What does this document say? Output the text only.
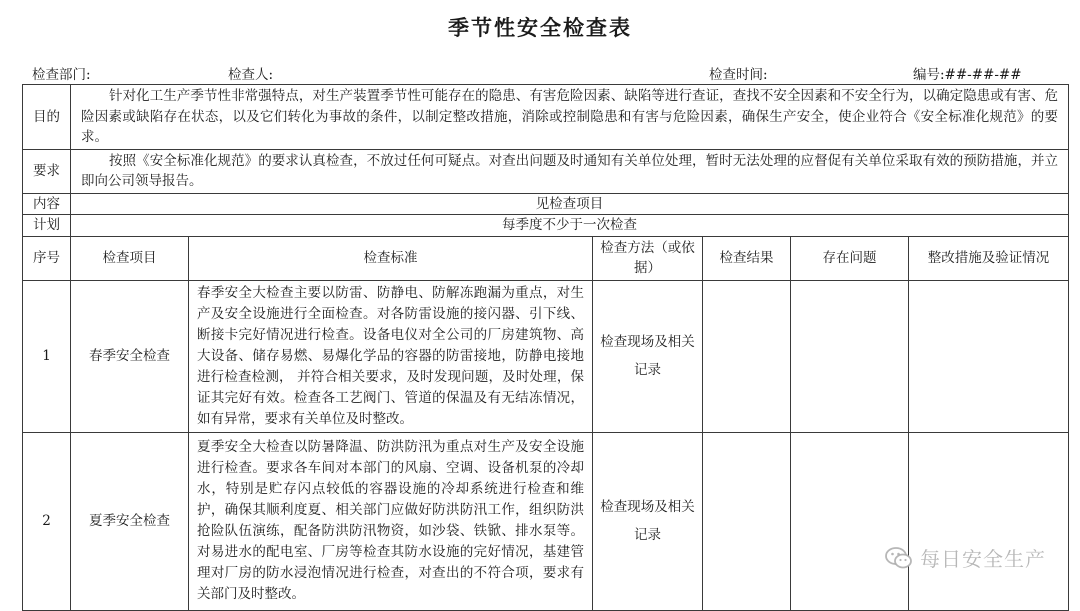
季节性安全检查表
检查部门:	检查人:	检查时间:	编号:##-##-##
目的	针对化工生产季节性非常强特点，对生产装置季节性可能存在的隐患、有害危险因素、缺陷等进行查证，查找不安全因素和不安全行为，以确定隐患或有害、危险因素或缺陷存在状态，以及它们转化为事故的条件，以制定整改措施，消除或控制隐患和有害与危险因素，确保生产安全，使企业符合《安全标准化规范》的要求。					
要求	按照《安全标准化规范》的要求认真检查，不放过任何可疑点。对查出问题及时通知有关单位处理，暂时无法处理的应督促有关单位采取有效的预防措施，并立即向公司领导报告。					
内容	见检查项目					
计划	每季度不少于一次检查					
序号	检查项目	检查标准	检查方法（或依据）	检查结果	存在问题	整改措施及验证情况
1	春季安全检查	春季安全大检查主要以防雷、防静电、防解冻跑漏为重点，对生产及安全设施进行全面检查。对各防雷设施的接闪器、引下线、断接卡完好情况进行检查。设备电仪对全公司的厂房建筑物、高大设备、储存易燃、易爆化学品的容器的防雷接地，防静电接地进行检查检测， 并符合相关要求，及时发现问题，及时处理，保证其完好有效。检查各工艺阀门、管道的保温及有无结冻情况，如有异常，要求有关单位及时整改。	检查现场及相关记录			
2	夏季安全检查	夏季安全大检查以防暑降温、防洪防汛为重点对生产及安全设施进行检查。要求各车间对本部门的风扇、空调、设备机泵的冷却水，特别是贮存闪点较低的容器设施的冷却系统进行检查和维护，确保其顺利度夏、相关部门应做好防洪防汛工作，组织防洪抢险队伍演练，配备防洪防汛物资，如沙袋、铁锨、排水泵等。对易进水的配电室、厂房等检查其防水设施的完好情况，基建管理对厂房的防水浸泡情况进行检查，对查出的不符合项，要求有关部门及时整改。	检查现场及相关记录			
每日安全生产
